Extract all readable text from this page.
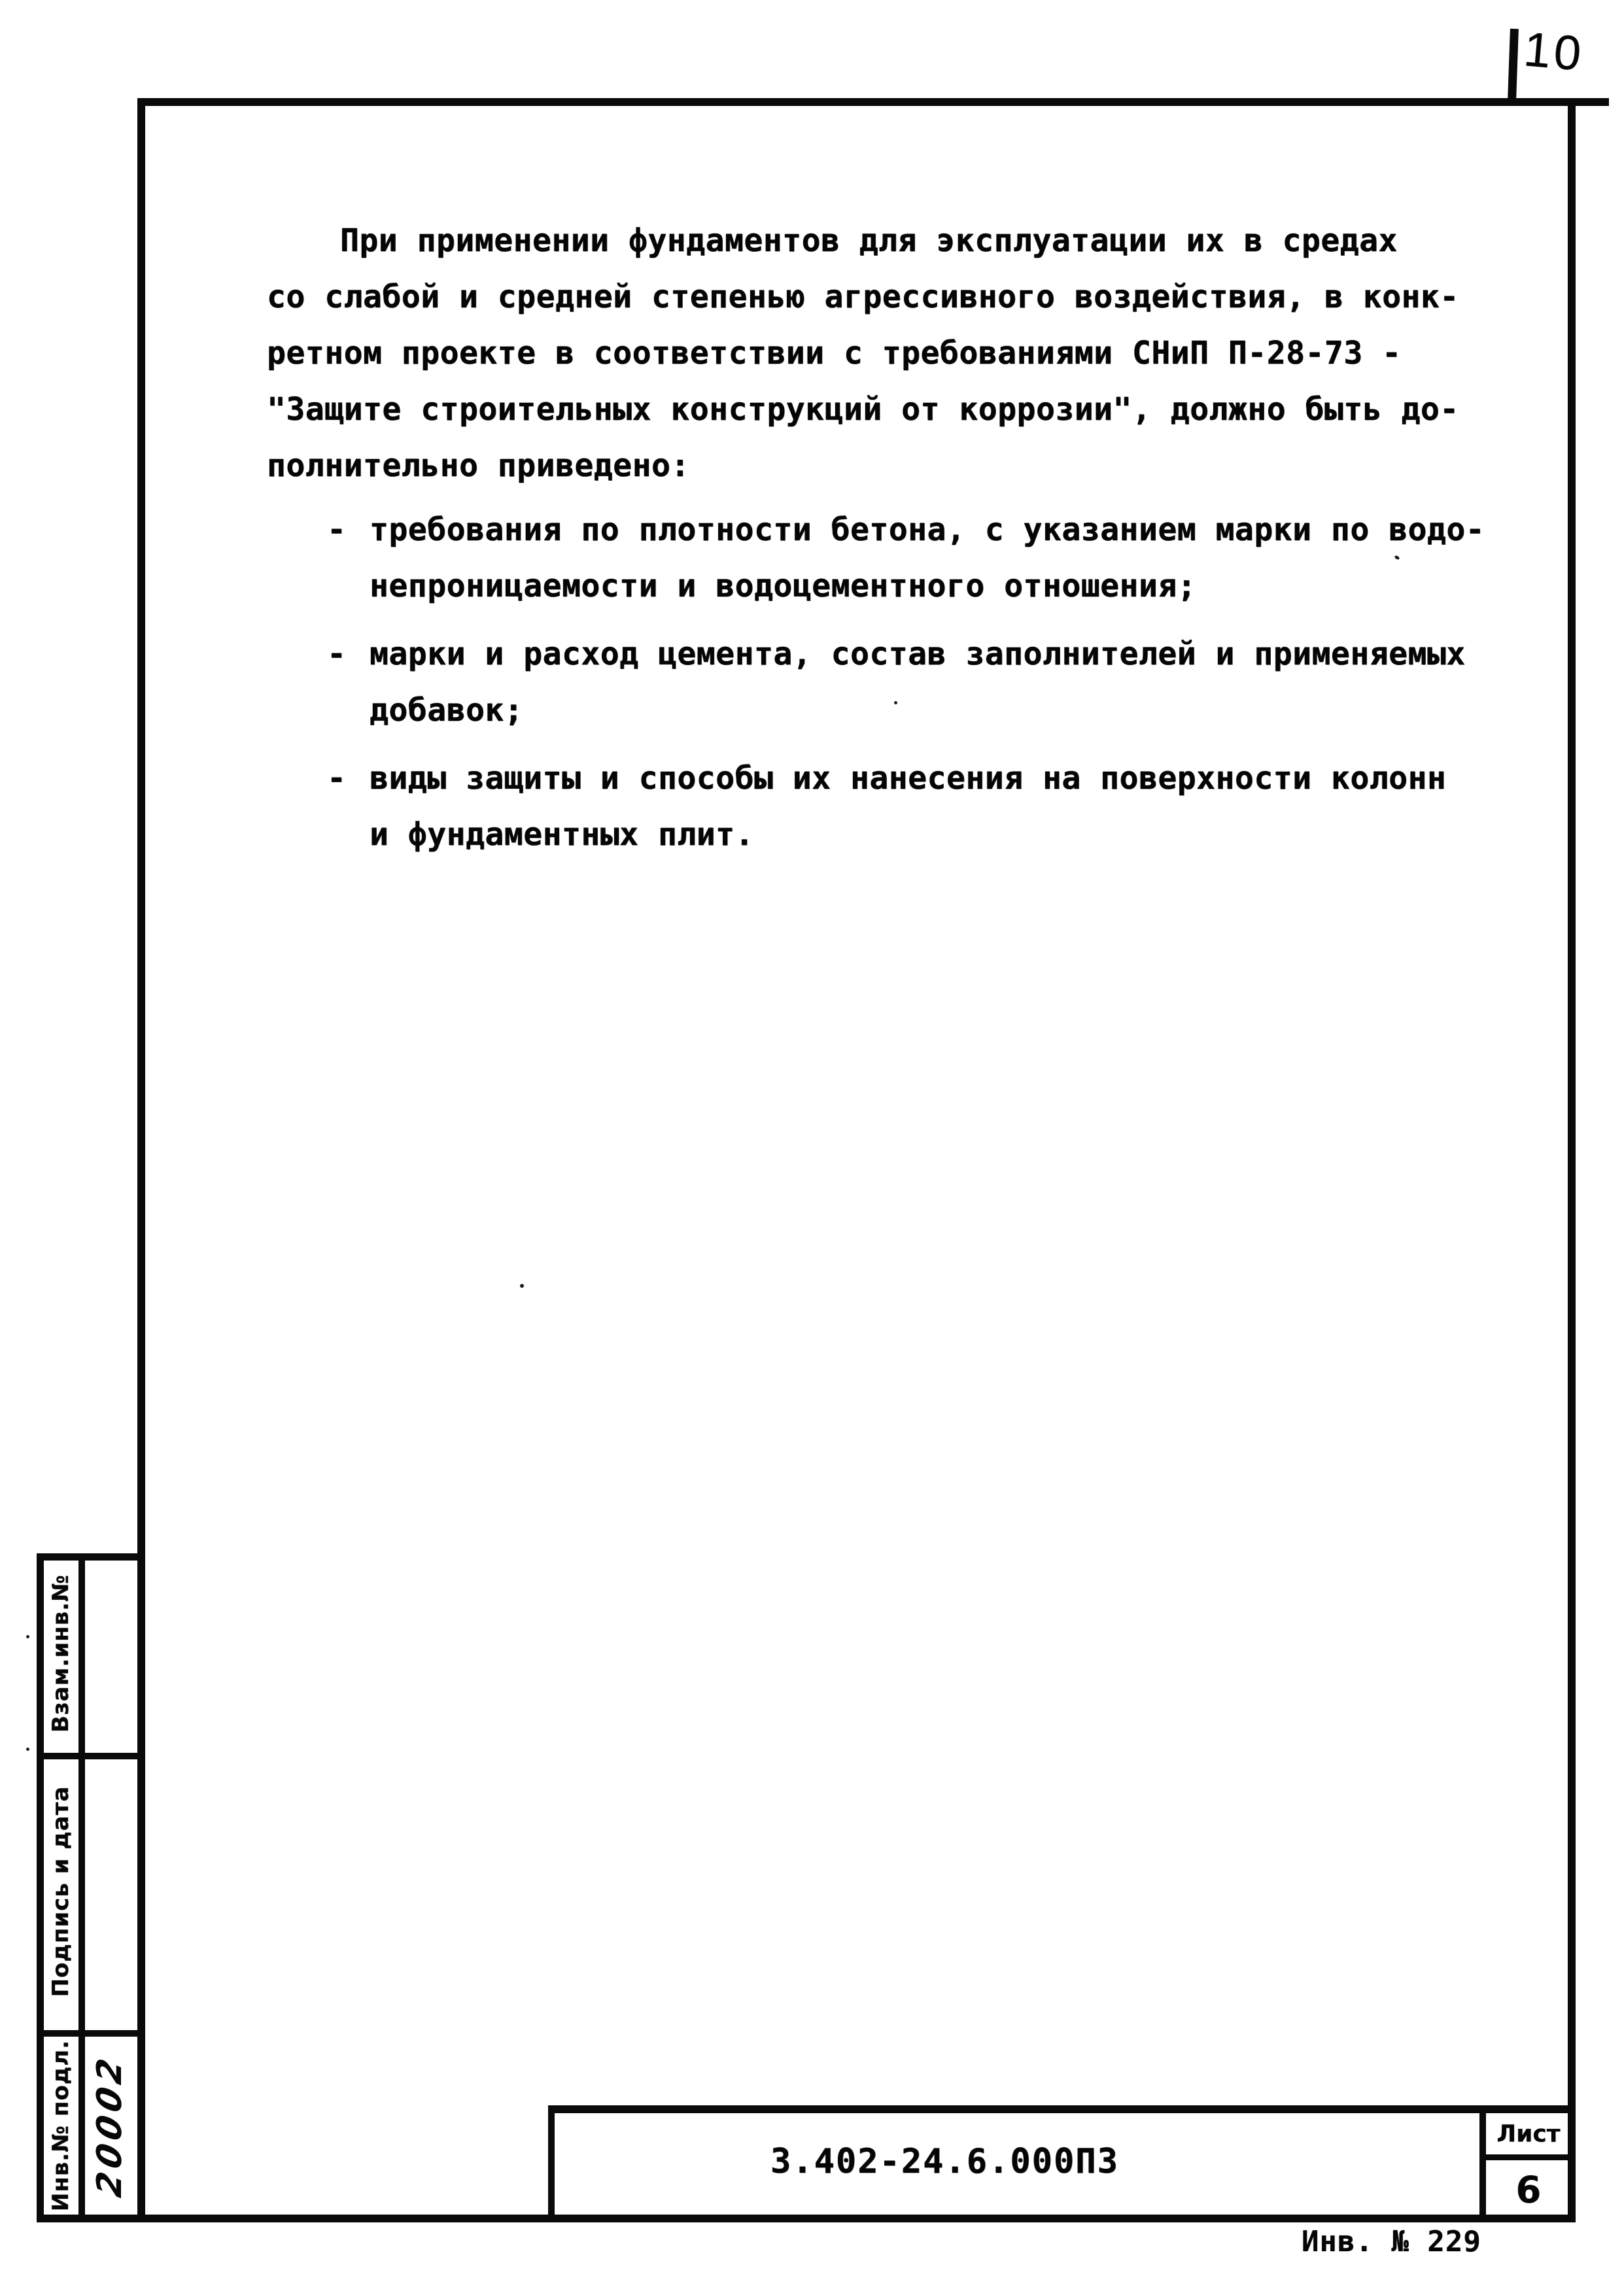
10
При применении фундаментов для эксплуатации их в средах
со слабой и средней степенью агрессивного воздействия, в конк-
ретном проекте в соответствии с требованиями СНиП П-28-73 -
"Защите строительных конструкций от коррозии", должно быть до-
полнительно приведено:
- требования по плотности бетона, с указанием марки по водо-
непроницаемости и водоцементного отношения;
- марки и расход цемента, состав заполнителей и применяемых
добавок;
- виды защиты и способы их нанесения на поверхности колонн
и фундаментных плит.
Взам.инв.№
Подпись и дата
Инв.№ подл. 20002	3.402-24.6.000ПЗ
Лист
6
Инв. № 229
